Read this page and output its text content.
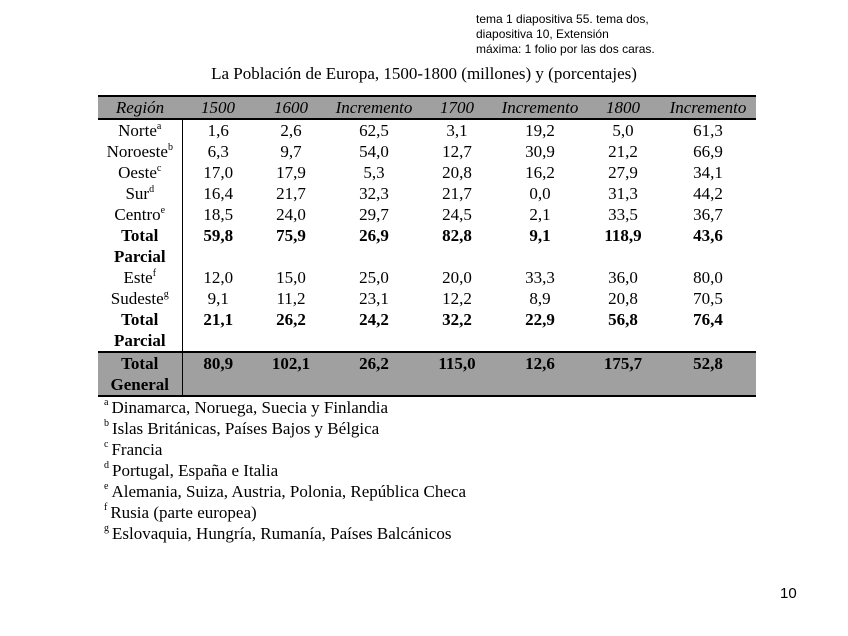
tema 1 diapositiva 55. tema dos,
diapositiva 10, Extensión
máxima: 1 folio por las dos caras.
La Población de Europa, 1500-1800 (millones) y (porcentajes)
Región	1500	1600	Incremento	1700	Incremento	1800	Incremento
Norte$^a$	1,6	2,6	62,5	3,1	19,2	5,0	61,3
Noroeste$^b$	6,3	9,7	54,0	12,7	30,9	21,2	66,9
Oeste$^c$	17,0	17,9	5,3	20,8	16,2	27,9	34,1
Sur$^d$	16,4	21,7	32,3	21,7	0,0	31,3	44,2
Centro$^e$	18,5	24,0	29,7	24,5	2,1	33,5	36,7
Total	59,8	75,9	26,9	82,8	9,1	118,9	43,6
Parcial							
Este$^f$	12,0	15,0	25,0	20,0	33,3	36,0	80,0
Sudeste$^g$	9,1	11,2	23,1	12,2	8,9	20,8	70,5
Total	21,1	26,2	24,2	32,2	22,9	56,8	76,4
Parcial							
Total	80,9	102,1	26,2	115,0	12,6	175,7	52,8
General							
$^a$ Dinamarca, Noruega, Suecia y Finlandia
$^b$ Islas Británicas, Países Bajos y Bélgica
$^c$ Francia
$^d$ Portugal, España e Italia
$^e$ Alemania, Suiza, Austria, Polonia, República Checa
$^f$ Rusia (parte europea)
$^g$ Eslovaquia, Hungría, Rumanía, Países Balcánicos
10
